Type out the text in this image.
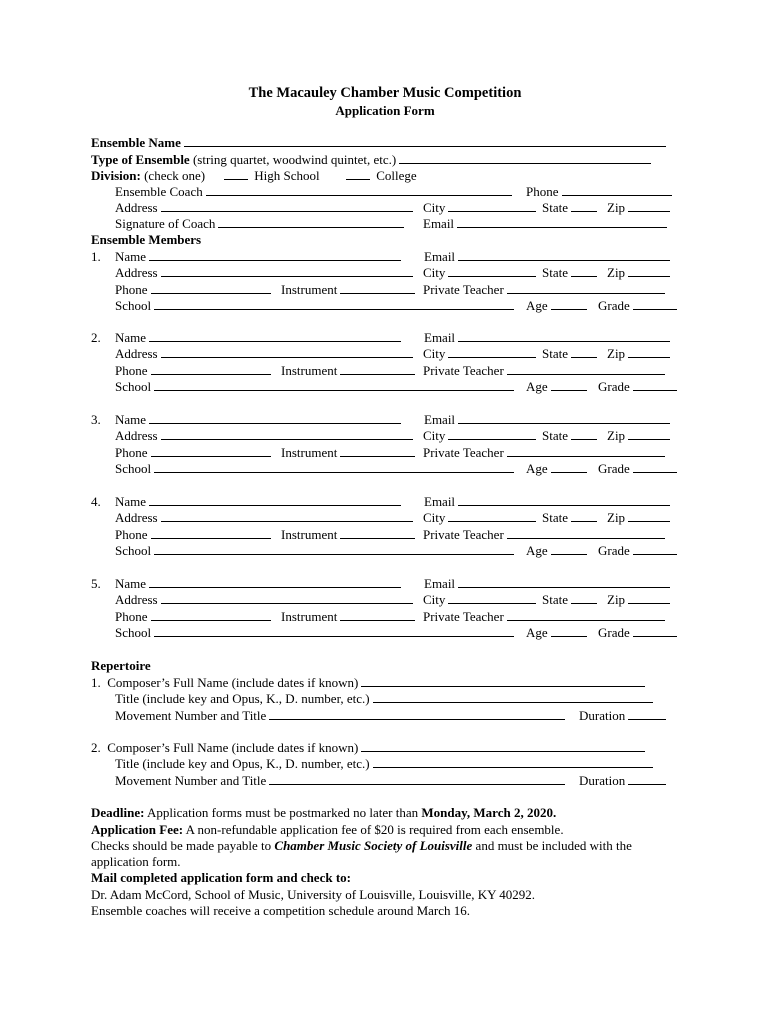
The Macauley Chamber Music Competition
Application Form
Ensemble Name
Type of Ensemble (string quartet, woodwind quintet, etc.)
Division: (check one)	High School	College
Ensemble Coach	Phone
Address	City	State	Zip
Signature of Coach	Email
Ensemble Members
1. Name	Email
Address	City	State	Zip
Phone	Instrument	Private Teacher
School	Age	Grade
2. Name	Email
Address	City	State	Zip
Phone	Instrument	Private Teacher
School	Age	Grade
3. Name	Email
Address	City	State	Zip
Phone	Instrument	Private Teacher
School	Age	Grade
4. Name	Email
Address	City	State	Zip
Phone	Instrument	Private Teacher
School	Age	Grade
5. Name	Email
Address	City	State	Zip
Phone	Instrument	Private Teacher
School	Age	Grade
Repertoire
1. Composer’s Full Name (include dates if known)
Title (include key and Opus, K., D. number, etc.)
Movement Number and Title	Duration
2. Composer’s Full Name (include dates if known)
Title (include key and Opus, K., D. number, etc.)
Movement Number and Title	Duration
Deadline: Application forms must be postmarked no later than Monday, March 2, 2020.
Application Fee: A non-refundable application fee of $20 is required from each ensemble.
Checks should be made payable to Chamber Music Society of Louisville and must be included with the
application form.
Mail completed application form and check to:
Dr. Adam McCord, School of Music, University of Louisville, Louisville, KY 40292.
Ensemble coaches will receive a competition schedule around March 16.
